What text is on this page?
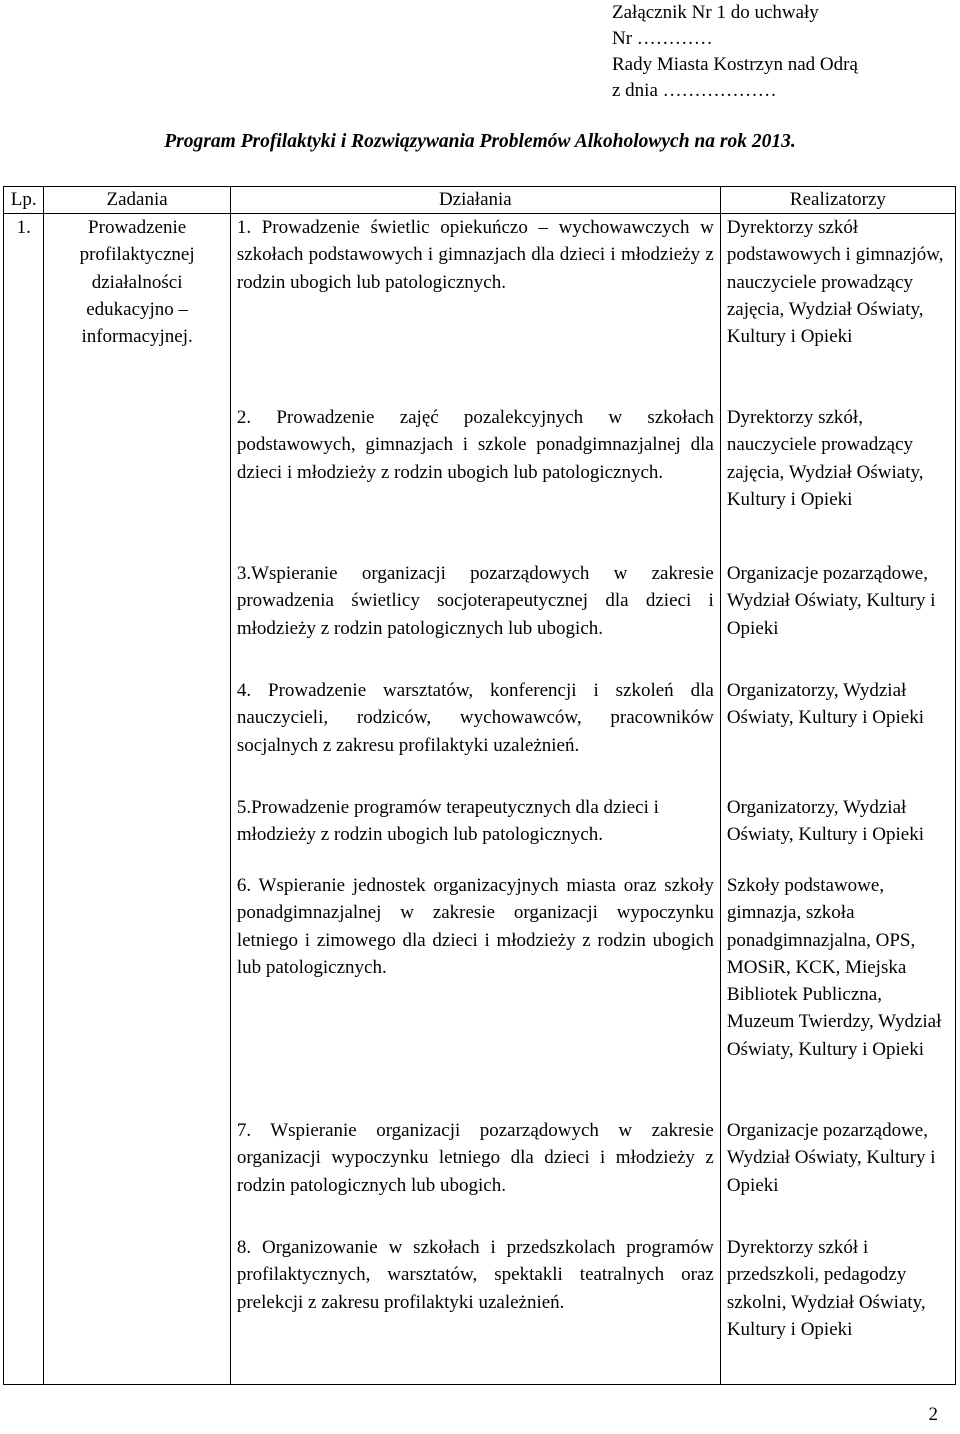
Załącznik Nr 1 do uchwały
Nr …………
Rady Miasta Kostrzyn nad Odrą
z dnia ………………
Program Profilaktyki i Rozwiązywania Problemów Alkoholowych na rok 2013.
Lp.	Zadania	Działania	Realizatorzy
1.	Prowadzenie profilaktycznej działalności edukacyjno – informacyjnej.	1. Prowadzenie świetlic opiekuńczo – wychowawczych w szkołach podstawowych i gimnazjach dla dzieci i młodzieży z rodzin ubogich lub patologicznych.	Dyrektorzy szkół podstawowych i gimnazjów, nauczyciele prowadzący zajęcia, Wydział Oświaty, Kultury i Opieki
		2. Prowadzenie zajęć pozalekcyjnych w szkołach podstawowych, gimnazjach i szkole ponadgimnazjalnej dla dzieci i młodzieży z rodzin ubogich lub patologicznych.	Dyrektorzy szkół, nauczyciele prowadzący zajęcia, Wydział Oświaty, Kultury i Opieki
		3.Wspieranie organizacji pozarządowych w zakresie prowadzenia świetlicy socjoterapeutycznej dla dzieci i młodzieży z rodzin patologicznych lub ubogich.	Organizacje pozarządowe, Wydział Oświaty, Kultury i Opieki
		4. Prowadzenie warsztatów, konferencji i szkoleń dla nauczycieli, rodziców, wychowawców, pracowników socjalnych z zakresu profilaktyki uzależnień.	Organizatorzy, Wydział Oświaty, Kultury i Opieki
		5.Prowadzenie programów terapeutycznych dla dzieci i młodzieży z rodzin ubogich lub patologicznych.	Organizatorzy, Wydział Oświaty, Kultury i Opieki
		6. Wspieranie jednostek organizacyjnych miasta oraz szkoły ponadgimnazjalnej w zakresie organizacji wypoczynku letniego i zimowego dla dzieci i młodzieży z rodzin ubogich lub patologicznych.	Szkoły podstawowe, gimnazja, szkoła ponadgimnazjalna, OPS, MOSiR, KCK, Miejska Bibliotek Publiczna, Muzeum Twierdzy, Wydział Oświaty, Kultury i Opieki
		7. Wspieranie organizacji pozarządowych w zakresie organizacji wypoczynku letniego dla dzieci i młodzieży z rodzin patologicznych lub ubogich.	Organizacje pozarządowe, Wydział Oświaty, Kultury i Opieki
		8. Organizowanie w szkołach i przedszkolach programów profilaktycznych, warsztatów, spektakli teatralnych oraz prelekcji z zakresu profilaktyki uzależnień.	Dyrektorzy szkół i przedszkoli, pedagodzy szkolni, Wydział Oświaty, Kultury i Opieki
2
